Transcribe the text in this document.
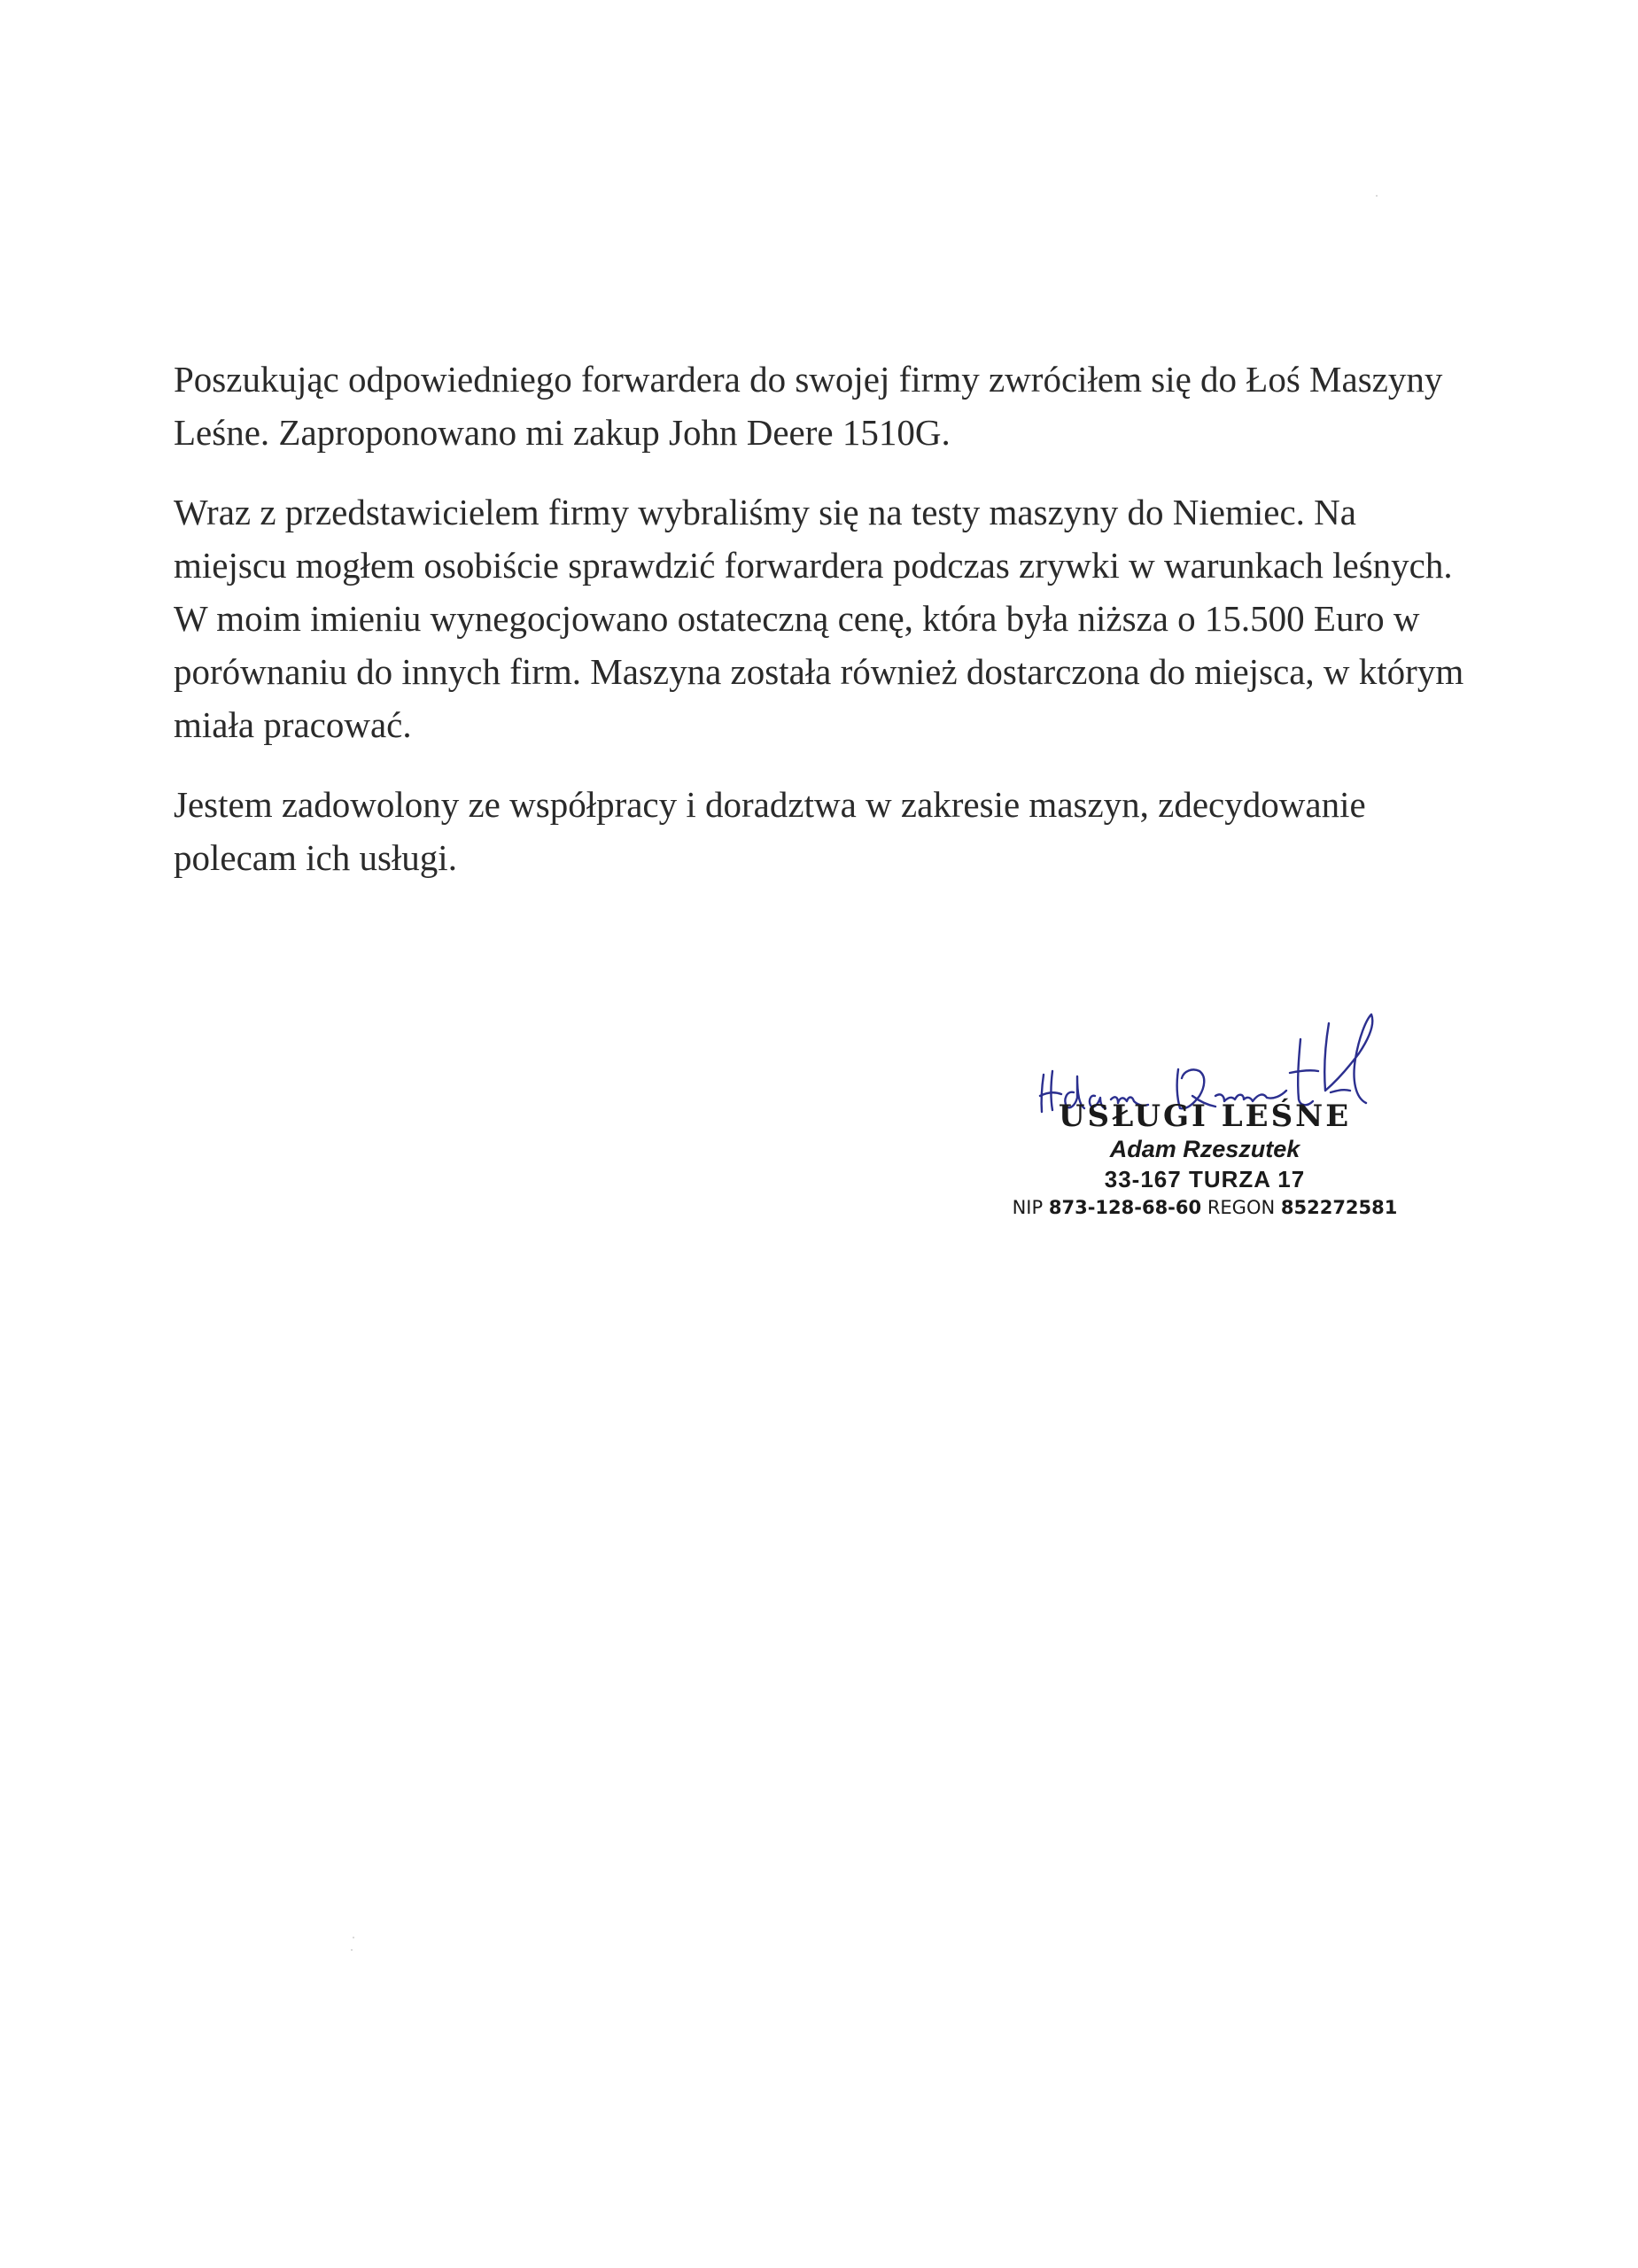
Poszukując odpowiedniego forwardera do swojej firmy zwróciłem się do Łoś Maszyny Leśne. Zaproponowano mi zakup John Deere 1510G.

Wraz z przedstawicielem firmy wybraliśmy się na testy maszyny do Niemiec. Na miejscu mogłem osobiście sprawdzić forwardera podczas zrywki w warunkach leśnych. W moim imieniu wynegocjowano ostateczną cenę, która była niższa o 15.500 Euro w porównaniu do innych firm. Maszyna została również dostarczona do miejsca, w którym miała pracować.

Jestem zadowolony ze współpracy i doradztwa w zakresie maszyn, zdecydowanie polecam ich usługi.

USŁUGI LEŚNE
Adam Rzeszutek
33-167 TURZA 17
NIP 873-128-68-60 REGON 852272581
